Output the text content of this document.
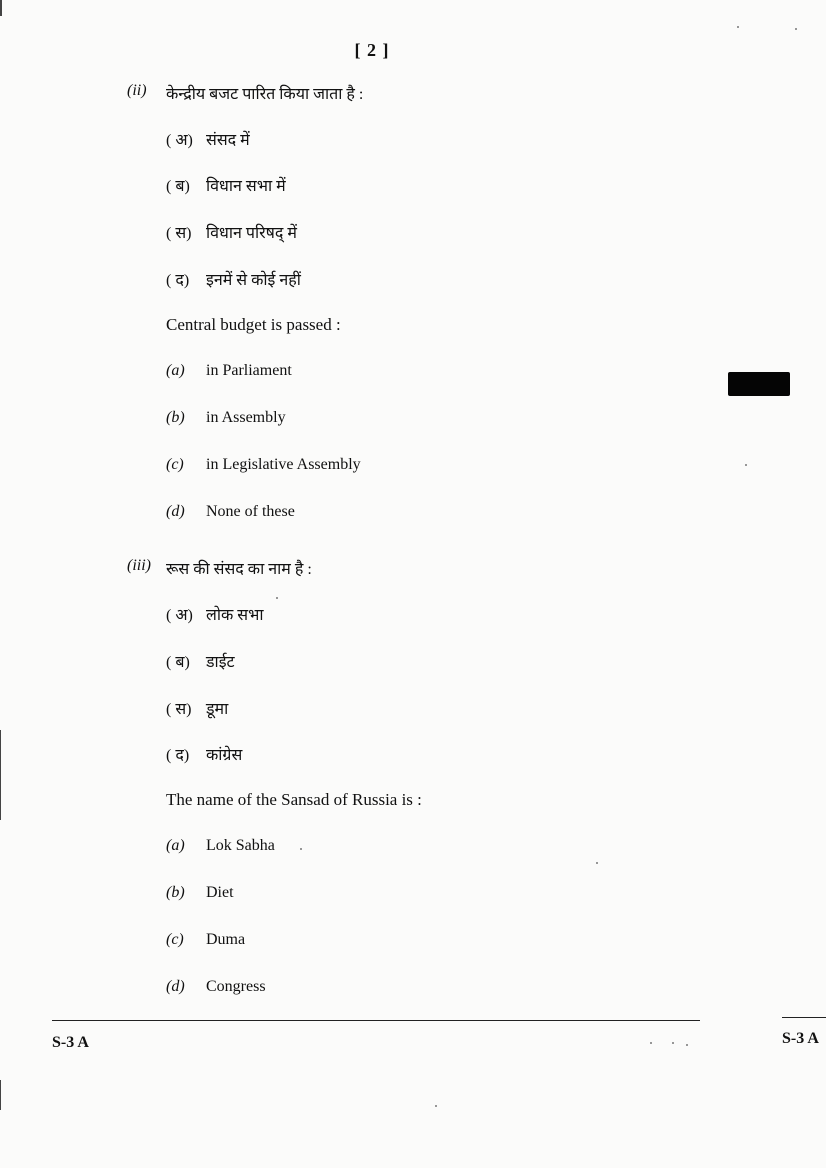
[ 2 ]
(ii) केन्द्रीय बजट पारित किया जाता है :
( अ) संसद में
( ब) विधान सभा में
( स) विधान परिषद् में
( द) इनमें से कोई नहीं
Central budget is passed :
(a) in Parliament
(b) in Assembly
(c) in Legislative Assembly
(d) None of these
(iii) रूस की संसद का नाम है :
( अ) लोक सभा
( ब) डाईट
( स) डूमा
( द) कांग्रेस
The name of the Sansad of Russia is :
(a) Lok Sabha
(b) Diet
(c) Duma
(d) Congress
S-3 A	S-3 A
